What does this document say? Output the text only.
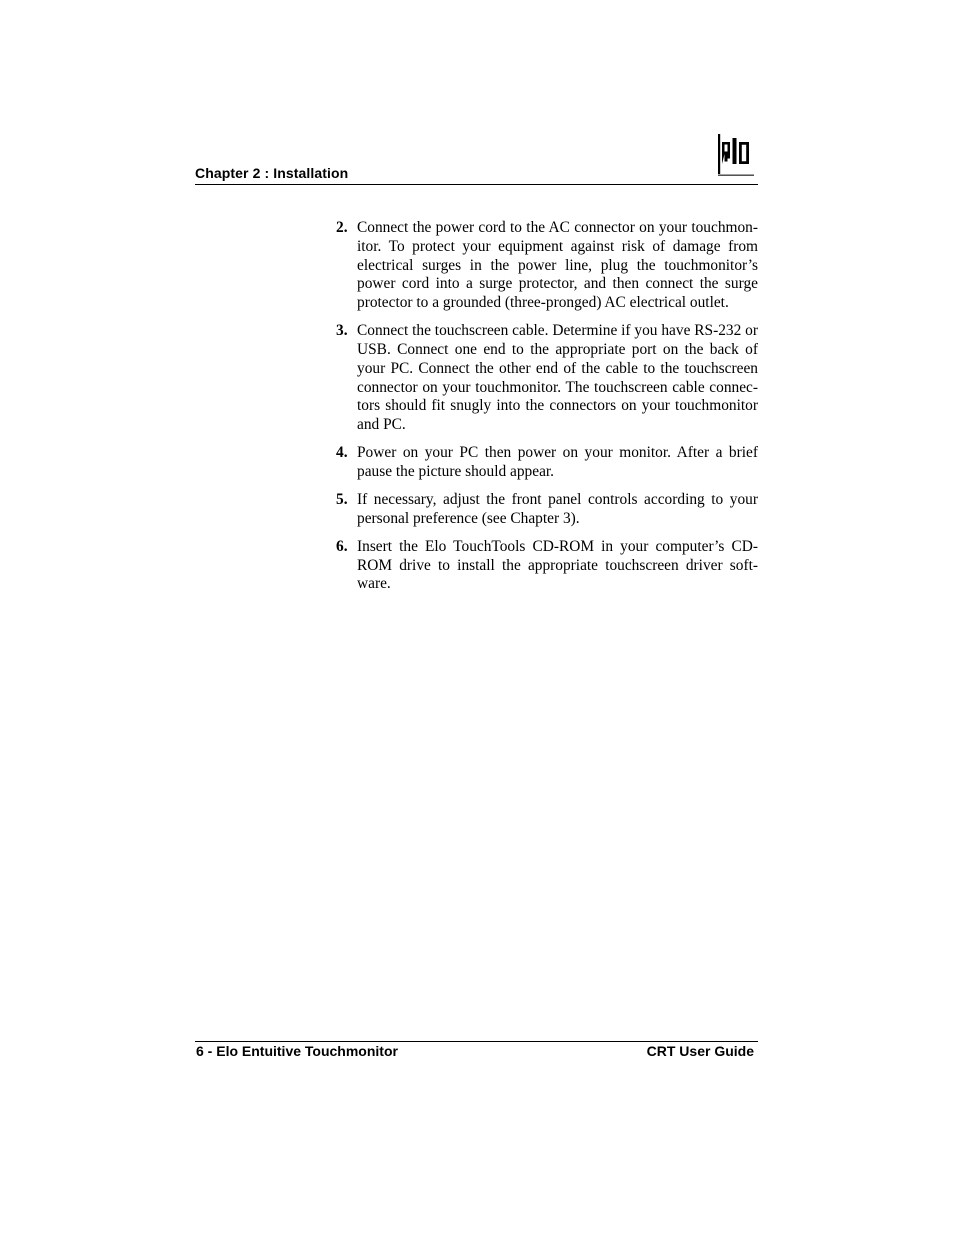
Chapter 2 : Installation
2. Connect the power cord to the AC connector on your touchmon- itor. To protect your equipment against risk of damage from electrical surges in the power line, plug the touchmonitor’s power cord into a surge protector, and then connect the surge protector to a grounded (three-pronged) AC electrical outlet.
3. Connect the touchscreen cable. Determine if you have RS-232 or USB. Connect one end to the appropriate port on the back of your PC. Connect the other end of the cable to the touchscreen connector on your touchmonitor. The touchscreen cable connec- tors should fit snugly into the connectors on your touchmonitor and PC.
4. Power on your PC then power on your monitor. After a brief pause the picture should appear.
5. If necessary, adjust the front panel controls according to your personal preference (see Chapter 3).
6. Insert the Elo TouchTools CD-ROM in your computer’s CD- ROM drive to install the appropriate touchscreen driver soft- ware.
6 - Elo Entuitive Touchmonitor	CRT User Guide
